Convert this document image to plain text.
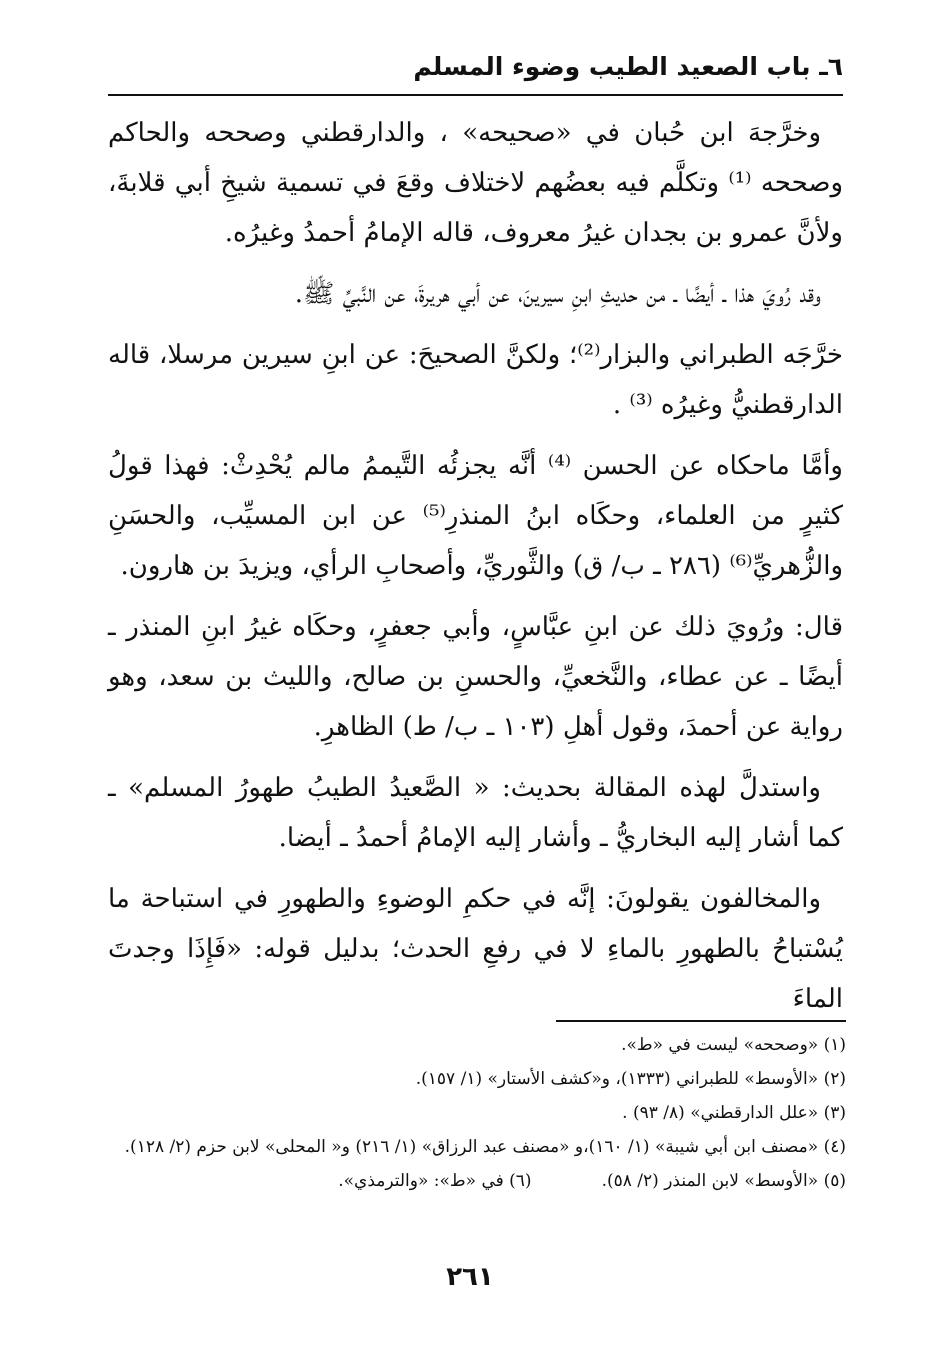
٦ـ باب الصعيد الطيب وضوء المسلم

وخرَّجهَ ابن حُبان في «صحيحه» ، والدارقطني وصححه والحاكم وصححه ⁽¹⁾ وتكلَّم فيه بعضُهم لاختلاف وقعَ في تسمية شيخِ أبي قلابةَ، ولأنَّ عمرو بن بجدان غيرُ معروف، قاله الإمامُ أحمدُ وغيرُه.

وقد رُويَ هذا ـ أيضًا ـ من حديثِ ابنِ سيرينَ، عن أبي هريرةَ، عن النَّبيِّ ﷺ.

خرَّجَه الطبراني والبزار⁽²⁾؛ ولكنَّ الصحيحَ: عن ابنِ سيرين مرسلا، قاله الدارقطنيُّ وغيرُه ⁽³⁾ .

وأمَّا ماحكاه عن الحسن ⁽⁴⁾ أنَّه يجزئُه التَّيممُ مالم يُحْدِثْ: فهذا قولُ كثيرٍ من العلماء، وحكَاه ابنُ المنذرِ⁽⁵⁾ عن ابن المسيِّب، والحسَنِ والزُّهريِّ⁽⁶⁾ (٢٨٦ ـ ب/ ق) والثَّوريِّ، وأصحابِ الرأي، ويزيدَ بن هارون.

قال: ورُويَ ذلك عن ابنِ عبَّاسٍ، وأبي جعفرٍ، وحكَاه غيرُ ابنِ المنذر ـ أيضًا ـ عن عطاء، والنَّخعيِّ، والحسنِ بن صالح، والليث بن سعد، وهو رواية عن أحمدَ، وقول أهلِ (١٠٣ ـ ب/ ط) الظاهرِ.

واستدلَّ لهذه المقالة بحديث: « الصَّعيدُ الطيبُ طهورُ المسلم» ـ كما أشار إليه البخاريُّ ـ وأشار إليه الإمامُ أحمدُ ـ أيضا.

والمخالفون يقولونَ: إنَّه في حكمِ الوضوءِ والطهورِ في استباحة ما يُسْتباحُ بالطهورِ بالماءِ لا في رفعِ الحدث؛ بدليل قوله: «فَإِذَا وجدتَ الماءَ

(١) «وصححه» ليست في «ط».

(٢) «الأوسط» للطبراني (١٣٣٣)، و«كشف الأستار» (١/ ١٥٧).

(٣) «علل الدارقطني» (٨/ ٩٣) .

(٤) «مصنف ابن أبي شيبة» (١/ ١٦٠)،و «مصنف عبد الرزاق» (١/ ٢١٦) و« المحلى» لابن حزم (٢/ ١٢٨).

(٥) «الأوسط» لابن المنذر (٢/ ٥٨).
(٦) في «ط»: «والترمذي».
٢٦١
